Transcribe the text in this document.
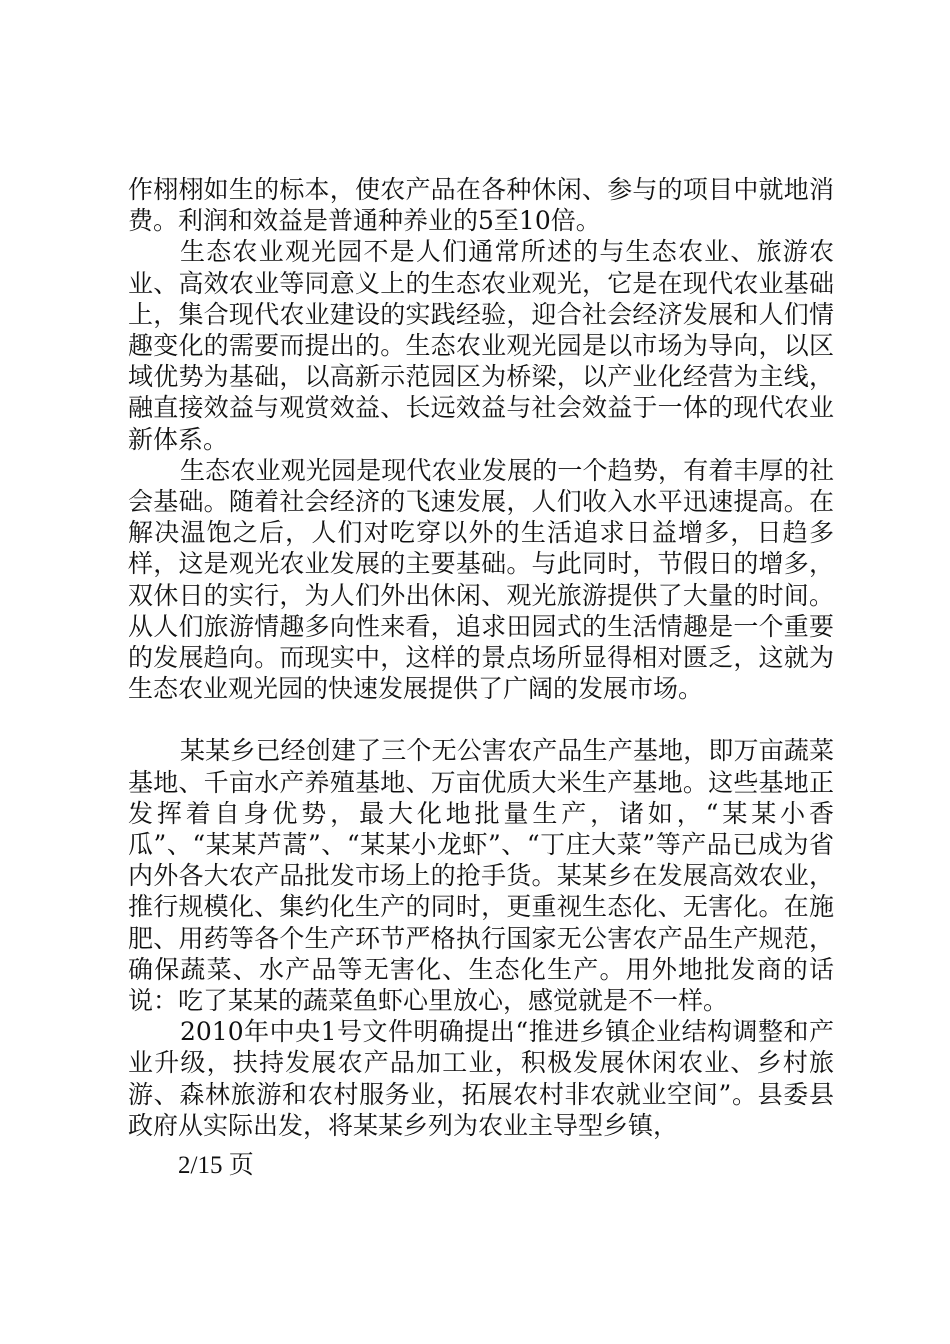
作栩栩如生的标本，使农产品在各种休闲、参与的项目中就地消费。利润和效益是普通种养业的5至10倍。

生态农业观光园不是人们通常所述的与生态农业、旅游农业、高效农业等同意义上的生态农业观光，它是在现代农业基础上，集合现代农业建设的实践经验，迎合社会经济发展和人们情趣变化的需要而提出的。生态农业观光园是以市场为导向，以区域优势为基础，以高新示范园区为桥梁，以产业化经营为主线，融直接效益与观赏效益、长远效益与社会效益于一体的现代农业新体系。

生态农业观光园是现代农业发展的一个趋势，有着丰厚的社会基础。随着社会经济的飞速发展，人们收入水平迅速提高。在解决温饱之后，人们对吃穿以外的生活追求日益增多，日趋多样，这是观光农业发展的主要基础。与此同时，节假日的增多，双休日的实行，为人们外出休闲、观光旅游提供了大量的时间。从人们旅游情趣多向性来看，追求田园式的生活情趣是一个重要的发展趋向。而现实中，这样的景点场所显得相对匮乏，这就为生态农业观光园的快速发展提供了广阔的发展市场。

某某乡已经创建了三个无公害农产品生产基地，即万亩蔬菜基地、千亩水产养殖基地、万亩优质大米生产基地。这些基地正发挥着自身优势，最大化地批量生产，诸如，“某某小香瓜”、“某某芦蒿”、“某某小龙虾”、“丁庄大菜”等产品已成为省内外各大农产品批发市场上的抢手货。某某乡在发展高效农业，推行规模化、集约化生产的同时，更重视生态化、无害化。在施肥、用药等各个生产环节严格执行国家无公害农产品生产规范，确保蔬菜、水产品等无害化、生态化生产。用外地批发商的话说：吃了某某的蔬菜鱼虾心里放心，感觉就是不一样。

2010年中央1号文件明确提出“推进乡镇企业结构调整和产业升级，扶持发展农产品加工业，积极发展休闲农业、乡村旅游、森林旅游和农村服务业，拓展农村非农就业空间”。县委县政府从实际出发，将某某乡列为农业主导型乡镇，

2/15 页
